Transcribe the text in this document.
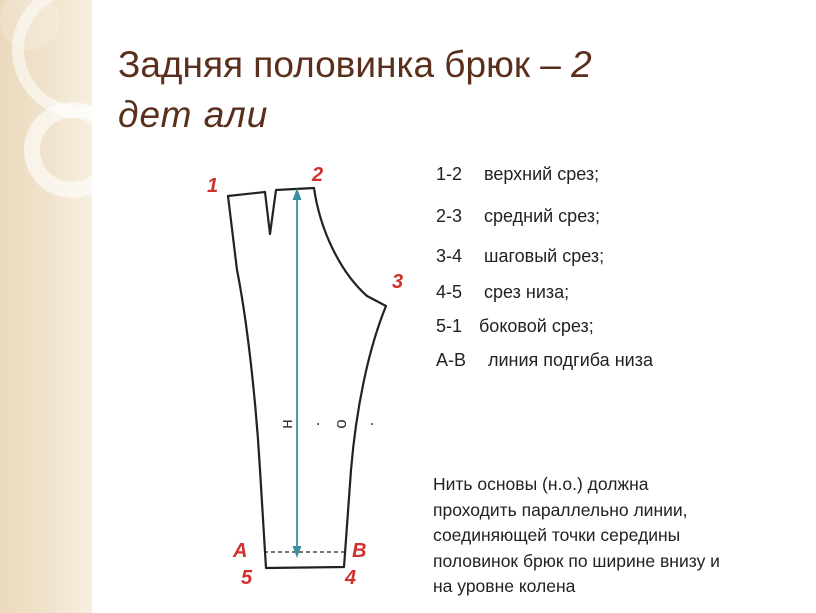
Задняя половинка брюк – 2
дет али
н . о .
1	2
3
А	В
5	4
1-2 верхний срез;
2-3 средний срез;
3-4 шаговый срез;
4-5 срез низа;
5-1 боковой срез;
А-В линия подгиба низа
Нить основы (н.о.) должна
проходить параллельно линии,
соединяющей точки середины
половинок брюк по ширине внизу и
на уровне колена
